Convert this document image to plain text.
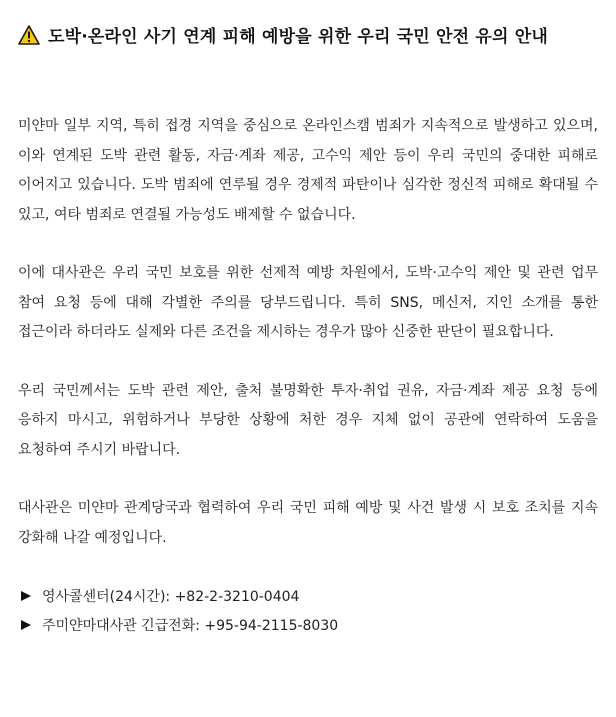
도박·온라인 사기 연계 피해 예방을 위한 우리 국민 안전 유의 안내

미얀마 일부 지역, 특히 접경 지역을 중심으로 온라인스캠 범죄가 지속적으로 발생하고 있으며, 이와 연계된 도박 관련 활동, 자금·계좌 제공, 고수익 제안 등이 우리 국민의 중대한 피해로 이어지고 있습니다. 도박 범죄에 연루될 경우 경제적 파탄이나 심각한 정신적 피해로 확대될 수 있고, 여타 범죄로 연결될 가능성도 배제할 수 없습니다.

이에 대사관은 우리 국민 보호를 위한 선제적 예방 차원에서, 도박·고수익 제안 및 관련 업무 참여 요청 등에 대해 각별한 주의를 당부드립니다. 특히 SNS, 메신저, 지인 소개를 통한 접근이라 하더라도 실제와 다른 조건을 제시하는 경우가 많아 신중한 판단이 필요합니다.

우리 국민께서는 도박 관련 제안, 출처 불명확한 투자·취업 권유, 자금·계좌 제공 요청 등에 응하지 마시고, 위험하거나 부당한 상황에 처한 경우 지체 없이 공관에 연락하여 도움을 요청하여 주시기 바랍니다.

대사관은 미얀마 관계당국과 협력하여 우리 국민 피해 예방 및 사건 발생 시 보호 조치를 지속 강화해 나갈 예정입니다.

영사콜센터(24시간): +82-2-3210-0404
주미얀마대사관 긴급전화: +95-94-2115-8030
